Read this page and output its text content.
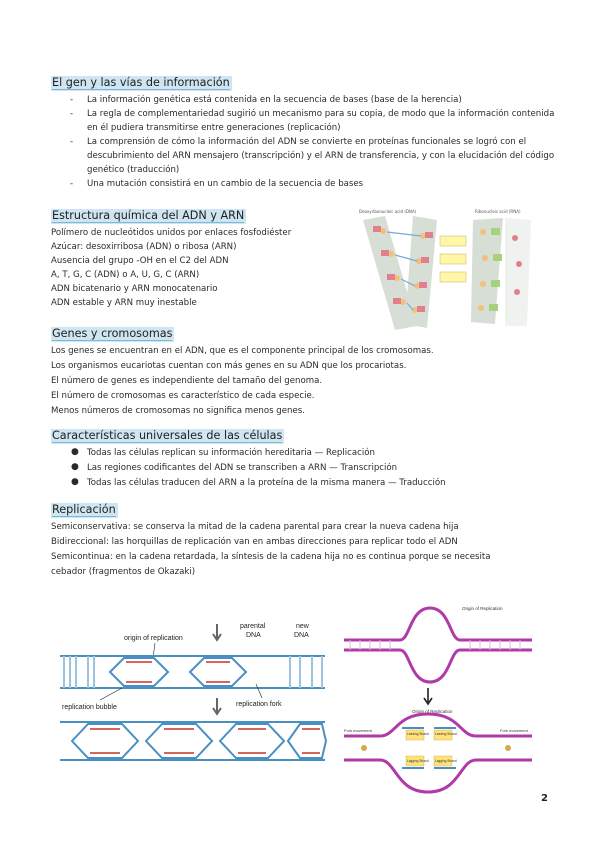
El gen y las vías de información
- La información genética está contenida en la secuencia de bases (base de la herencia)
- La regla de complementariedad sugirió un mecanismo para su copia, de modo que la información contenida en él pudiera transmitirse entre generaciones (replicación)
- La comprensión de cómo la información del ADN se convierte en proteínas funcionales se logró con el descubrimiento del ARN mensajero (transcripción) y el ARN de transferencia, y con la elucidación del código genético (traducción)
- Una mutación consistirá en un cambio de la secuencia de bases
Estructura química del ADN y ARN

Polímero de nucleótidos unidos por enlaces fosfodiéster

Azúcar: desoxirribosa (ADN) o ribosa (ARN)

Ausencia del grupo -OH en el C2 del ADN

A, T, G, C (ADN) o A, U, G, C (ARN)

ADN bicatenario y ARN monocatenario

ADN estable y ARN muy inestable

Deoxyribonucleic acid (DNA)	Ribonucleic acid (RNA)
Genes y cromosomas

Los genes se encuentran en el ADN, que es el componente principal de los cromosomas.

Los organismos eucariotas cuentan con más genes en su ADN que los procariotas.

El número de genes es independiente del tamaño del genoma.

El número de cromosomas es característico de cada especie.

Menos números de cromosomas no significa menos genes.

Características universales de las células
● Todas las células replican su información hereditaria — Replicación
● Las regiones codificantes del ADN se transcriben a ARN — Transcripción
● Todas las células traducen del ARN a la proteína de la misma manera — Traducción
Replicación

Semiconservativa: se conserva la mitad de la cadena parental para crear la nueva cadena hija

Bidireccional: las horquillas de replicación van en ambas direcciones para replicar todo el ADN

Semicontinua: en la cadena retardada, la síntesis de la cadena hija no es continua porque se necesita

cebador (fragmentos de Okazaki)

origin of replication
parental
DNA
new
DNA
replication bubble	replication fork
Origin of Replication
Origin of Replication
Fork movement	Fork movement
Leading Strand Leading Strand
Lagging Strand Lagging Strand
2
